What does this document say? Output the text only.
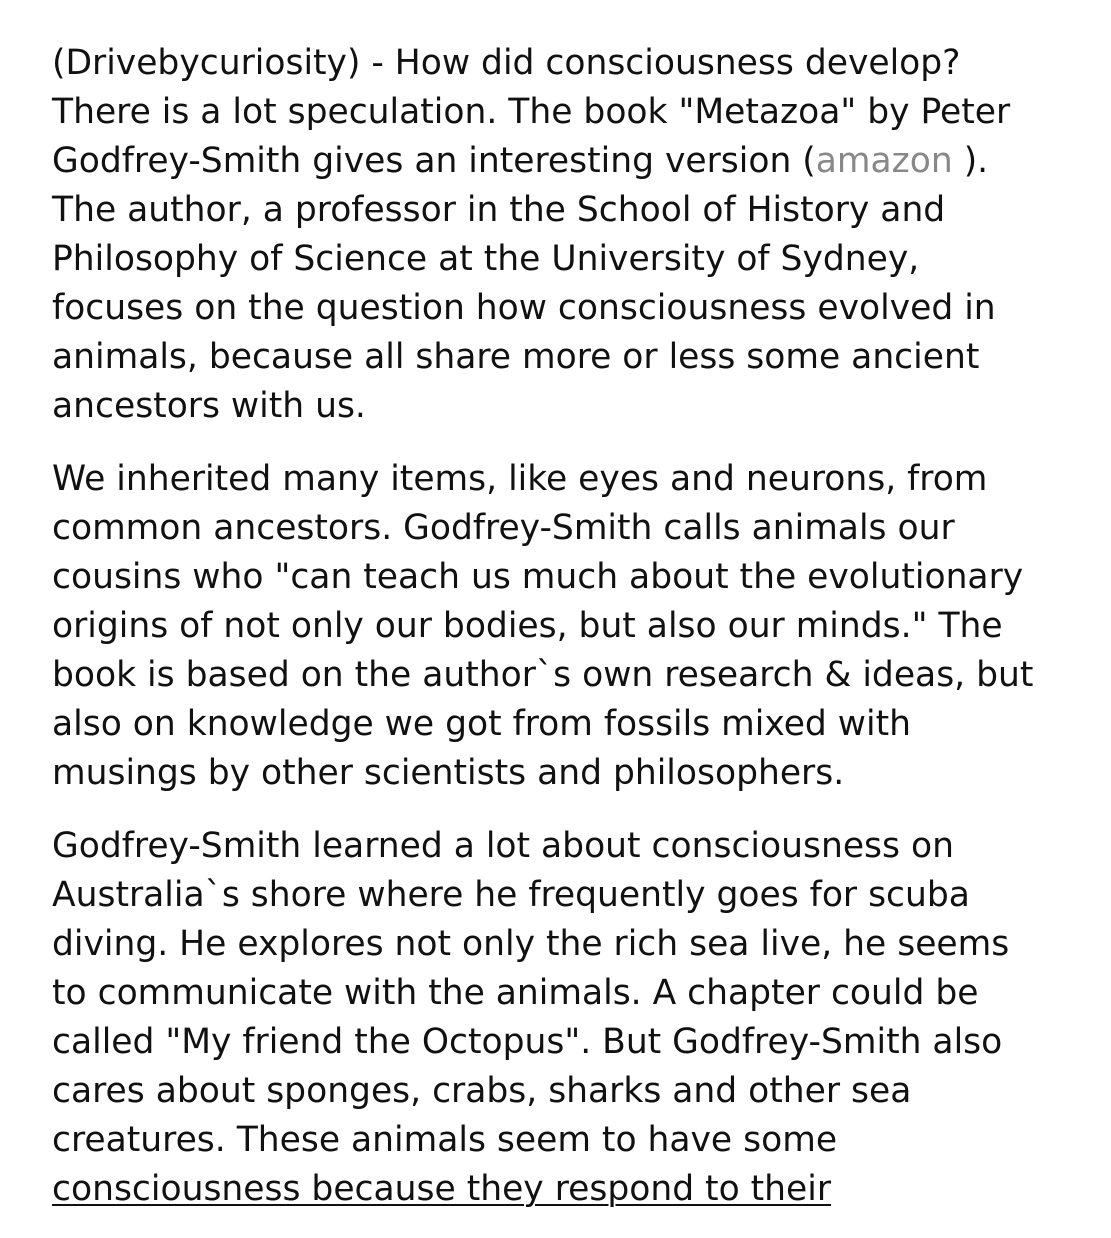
(Drivebycuriosity) - How did consciousness develop?
There is a lot speculation. The book "Metazoa" by Peter
Godfrey-Smith gives an interesting version (amazon ).
The author, a professor in the School of History and
Philosophy of Science at the University of Sydney,
focuses on the question how consciousness evolved in
animals, because all share more or less some ancient
ancestors with us.

We inherited many items, like eyes and neurons, from
common ancestors. Godfrey-Smith calls animals our
cousins who "can teach us much about the evolutionary
origins of not only our bodies, but also our minds." The
book is based on the author`s own research & ideas, but
also on knowledge we got from fossils mixed with
musings by other scientists and philosophers.

Godfrey-Smith learned a lot about consciousness on
Australia`s shore where he frequently goes for scuba
diving. He explores not only the rich sea live, he seems
to communicate with the animals. A chapter could be
called "My friend the Octopus". But Godfrey-Smith also
cares about sponges, crabs, sharks and other sea
creatures. These animals seem to have some
consciousness because they respond to their
